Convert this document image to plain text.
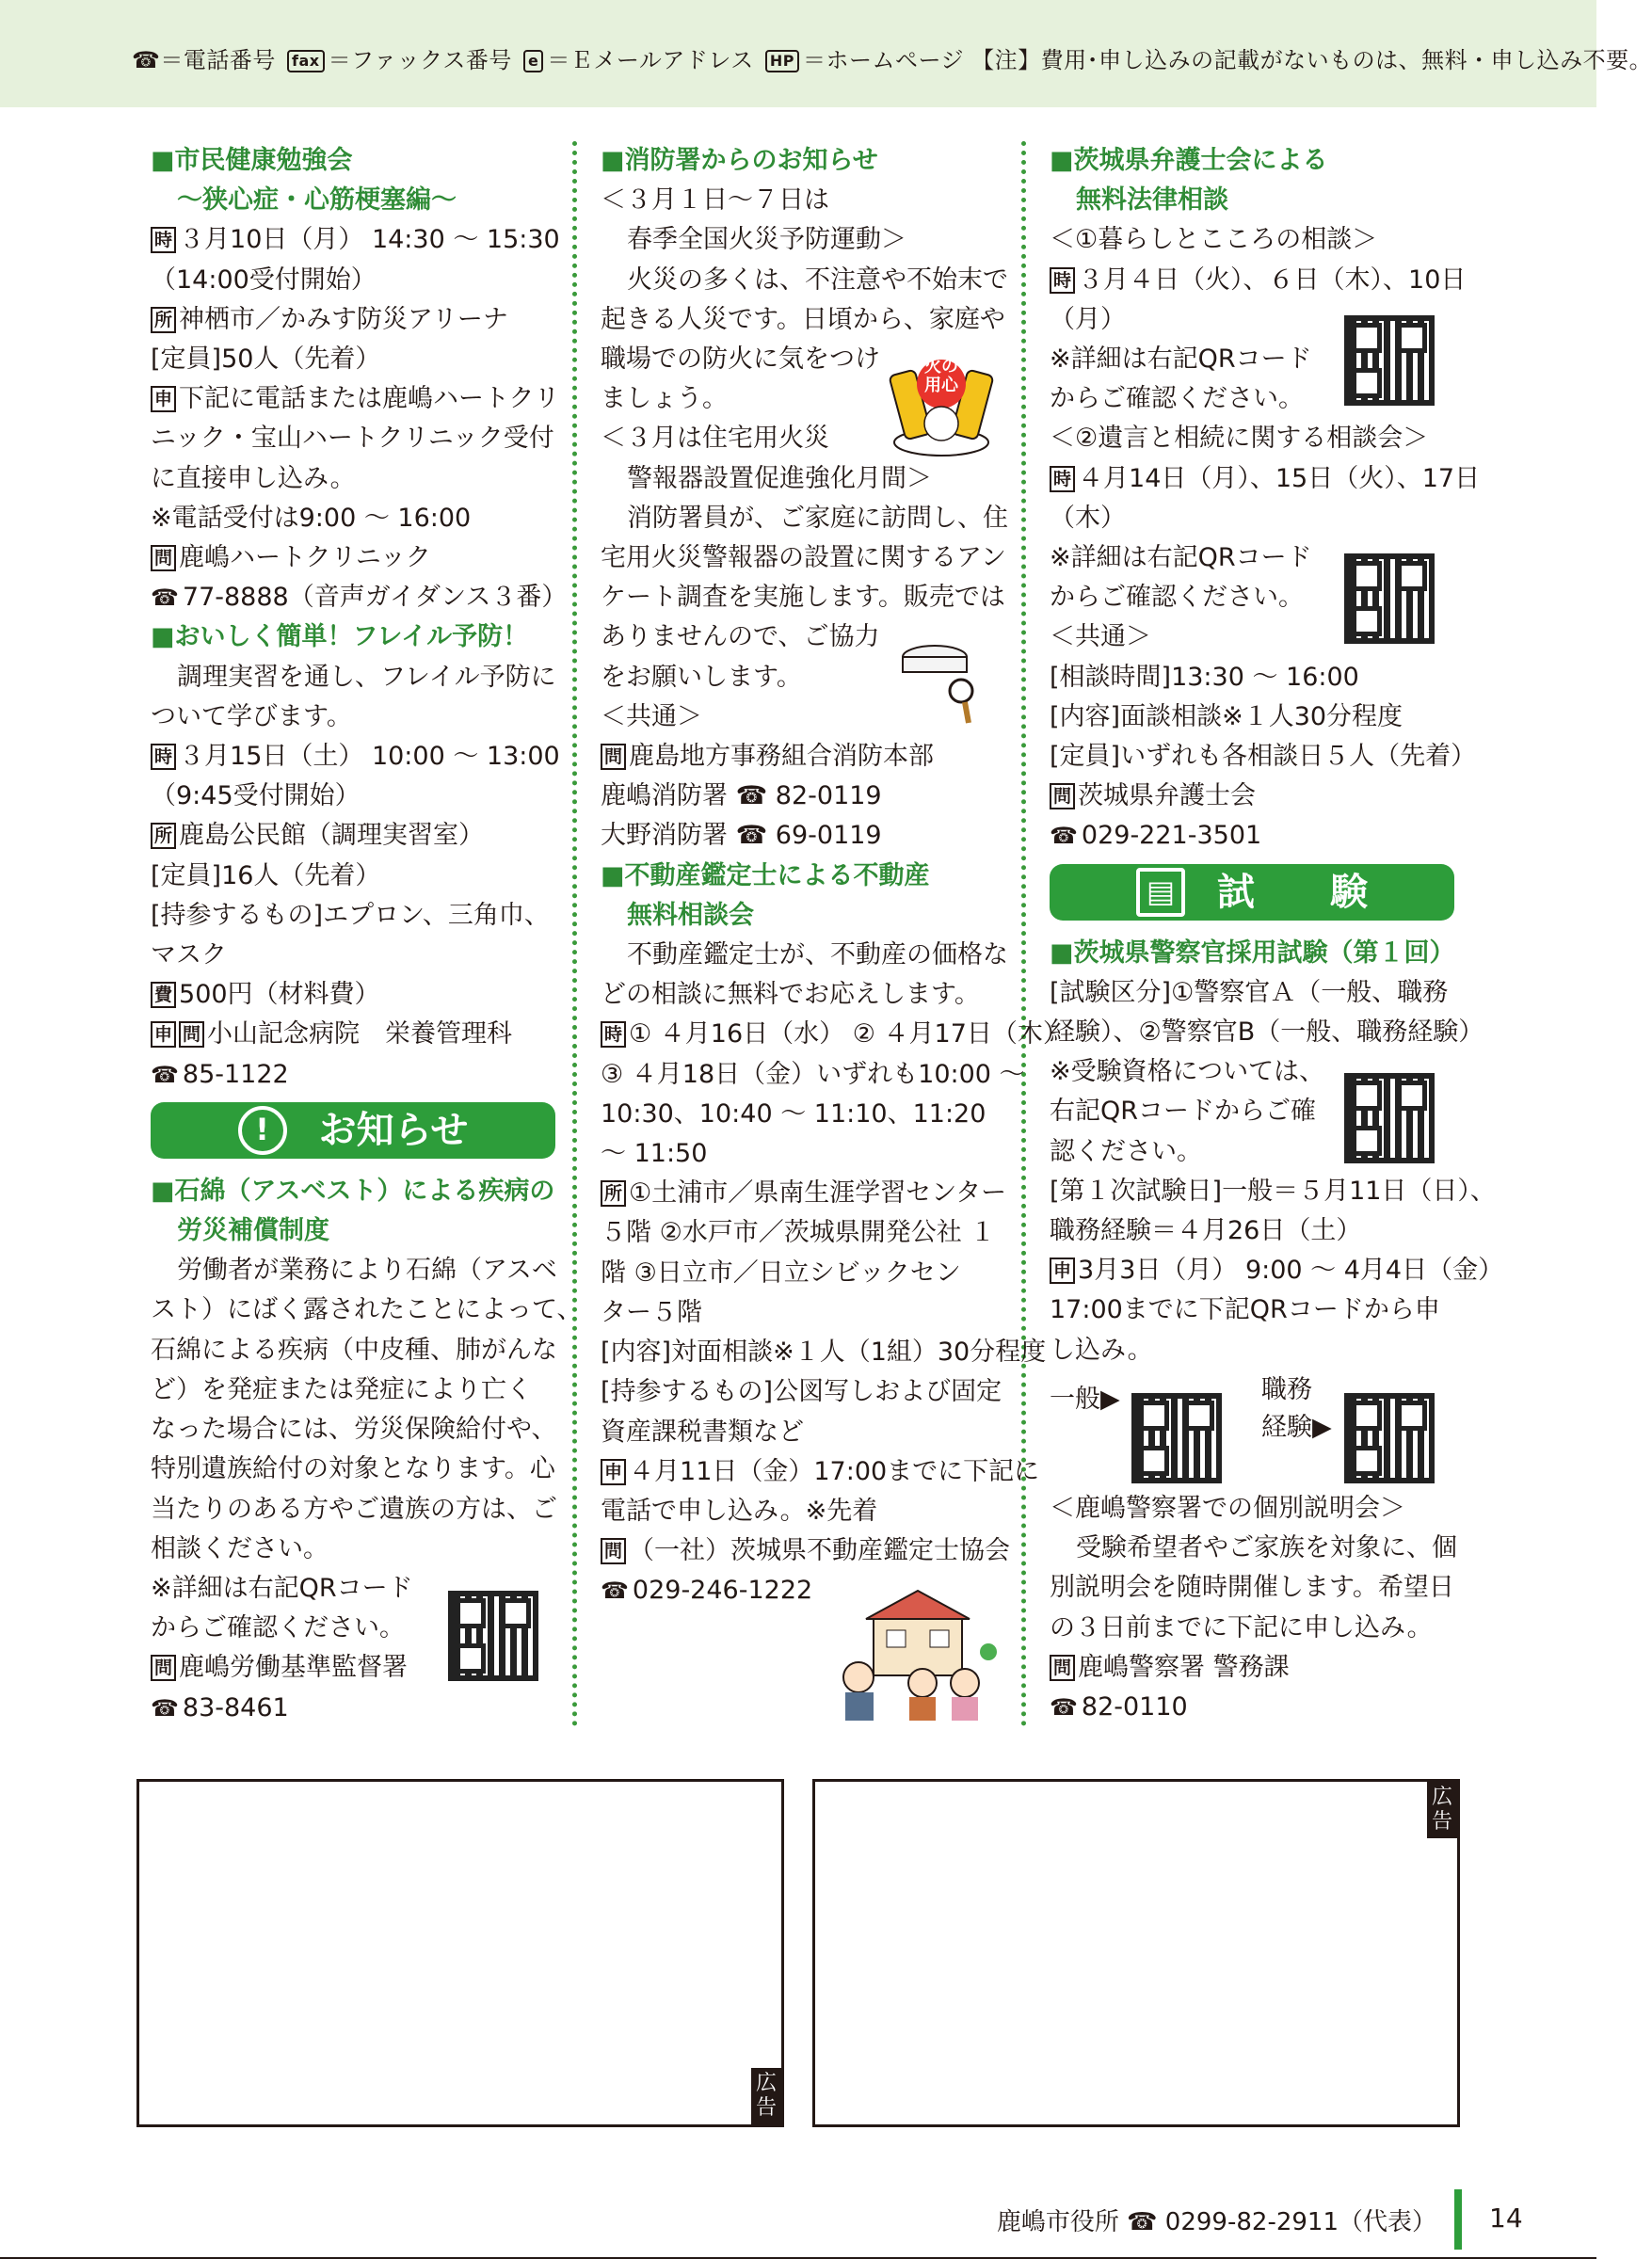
☎＝電話番号 fax ＝ファックス番号 e ＝Ｅメールアドレス HP ＝ホームページ 【注】費用･申し込みの記載がないものは、無料・申し込み不要。
■市民健康勉強会
～狭心症・心筋梗塞編～
時 ３月10日（月） 14:30 ～ 15:30
（14:00受付開始）
所 神栖市／かみす防災アリーナ
[定員]50人（先着）
申 下記に電話または鹿嶋ハートクリ
ニック・宝山ハートクリニック受付
に直接申し込み。
※電話受付は9:00 ～ 16:00
問 鹿嶋ハートクリニック
☎ 77-8888（音声ガイダンス３番）
■おいしく簡単！フレイル予防！
調理実習を通し、フレイル予防に
ついて学びます。
時 ３月15日（土） 10:00 ～ 13:00
（9:45受付開始）
所 鹿島公民館（調理実習室）
[定員]16人（先着）
[持参するもの]エプロン、三角巾、
マスク
費 500円（材料費）
申 問 小山記念病院　栄養管理科
☎ 85-1122
!	お知らせ
■石綿（アスベスト）による疾病の
労災補償制度
労働者が業務により石綿（アスベ
スト）にばく露されたことによって、
石綿による疾病（中皮種、肺がんな
ど）を発症または発症により亡く
なった場合には、労災保険給付や、
特別遺族給付の対象となります。心
当たりのある方やご遺族の方は、ご
相談ください。
※詳細は右記QRコード
からご確認ください。
問 鹿嶋労働基準監督署
☎ 83-8461
■消防署からのお知らせ
＜３月１日～７日は
春季全国火災予防運動＞
火災の多くは、不注意や不始末で
起きる人災です。日頃から、家庭や
職場での防火に気をつけ
ましょう。
＜３月は住宅用火災
警報器設置促進強化月間＞
消防署員が、ご家庭に訪問し、住
宅用火災警報器の設置に関するアン
ケート調査を実施します。販売では
ありませんので、ご協力
をお願いします。
＜共通＞
問 鹿島地方事務組合消防本部
鹿嶋消防署 ☎ 82-0119
大野消防署 ☎ 69-0119
■不動産鑑定士による不動産
無料相談会
不動産鑑定士が、不動産の価格な
どの相談に無料でお応えします。
時 ① ４月16日（水） ② ４月17日（木）
③ ４月18日（金）いずれも10:00 ～
10:30、10:40 ～ 11:10、11:20
～ 11:50
所 ①土浦市／県南生涯学習センター
５階 ②水戸市／茨城県開発公社 １
階 ③日立市／日立シビックセン
ター５階
[内容]対面相談※１人（1組）30分程度
[持参するもの]公図写しおよび固定
資産課税書類など
申 ４月11日（金）17:00までに下記に
電話で申し込み。※先着
問 （一社）茨城県不動産鑑定士協会
☎ 029-246-1222
火の用心
■茨城県弁護士会による
無料法律相談
＜①暮らしとこころの相談＞
時 ３月４日（火）、６日（木）、10日
（月）
※詳細は右記QRコード
からご確認ください。
＜②遺言と相続に関する相談会＞
時 ４月14日（月）、15日（火）、17日
（木）
※詳細は右記QRコード
からご確認ください。
＜共通＞
[相談時間]13:30 ～ 16:00
[内容]面談相談※１人30分程度
[定員]いずれも各相談日５人（先着）
問 茨城県弁護士会
☎ 029-221-3501
▤ 試　　験
■茨城県警察官採用試験（第１回）
[試験区分]①警察官Ａ（一般、職務
経験）、②警察官B（一般、職務経験）
※受験資格については、
右記QRコードからご確
認ください。
[第１次試験日]一般＝５月11日（日）、
職務経験＝４月26日（土）
申 3月3日（月） 9:00 ～ 4月4日（金）
17:00までに下記QRコードから申
し込み。
一般▶	職務
経験▶
＜鹿嶋警察署での個別説明会＞
受験希望者やご家族を対象に、個
別説明会を随時開催します。希望日
の３日前までに下記に申し込み。
問 鹿嶋警察署 警務課
☎ 82-0110
広告
広告
鹿嶋市役所 ☎ 0299-82-2911（代表） 14
